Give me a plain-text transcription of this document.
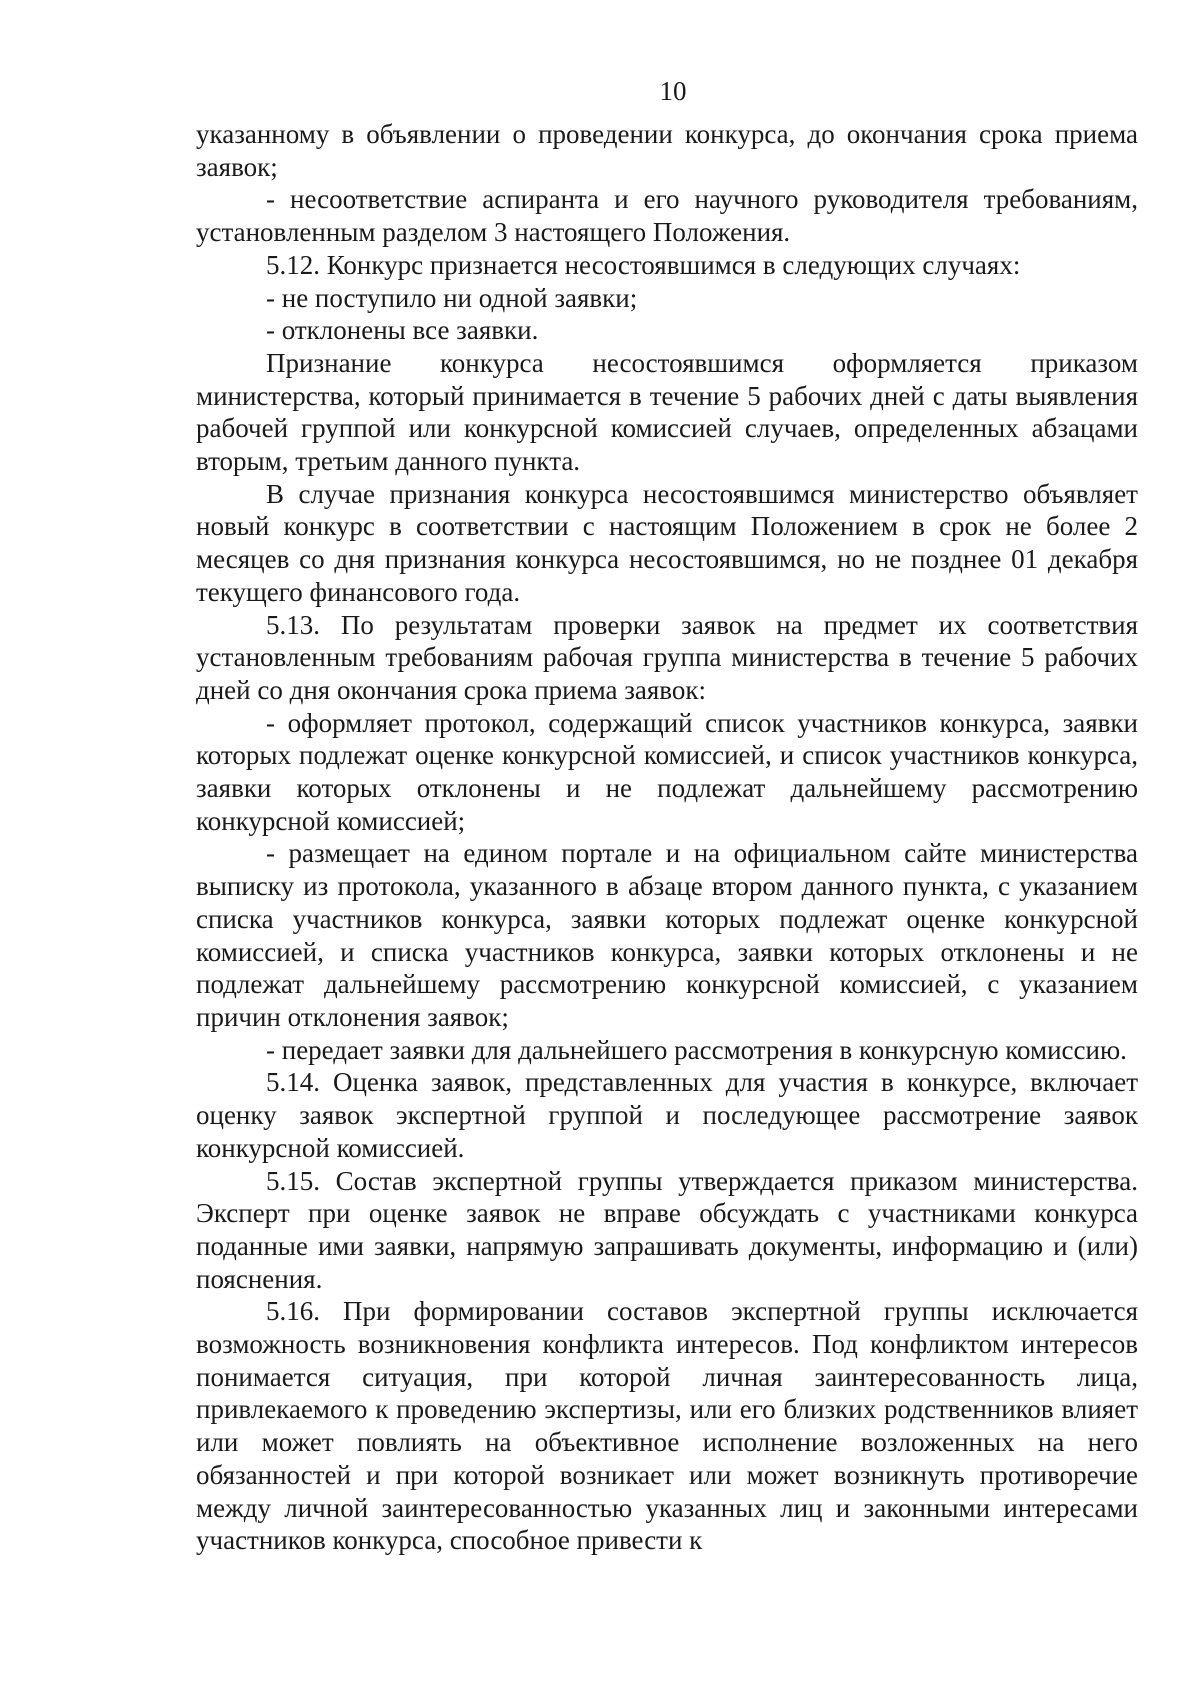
10

указанному в объявлении о проведении конкурса, до окончания срока приема заявок;

- несоответствие аспиранта и его научного руководителя требованиям, установленным разделом 3 настоящего Положения.

5.12. Конкурс признается несостоявшимся в следующих случаях:

- не поступило ни одной заявки;

- отклонены все заявки.

Признание конкурса несостоявшимся оформляется приказом министерства, который принимается в течение 5 рабочих дней с даты выявления рабочей группой или конкурсной комиссией случаев, определенных абзацами вторым, третьим данного пункта.

В случае признания конкурса несостоявшимся министерство объявляет новый конкурс в соответствии с настоящим Положением в срок не более 2 месяцев со дня признания конкурса несостоявшимся, но не позднее 01 декабря текущего финансового года.

5.13. По результатам проверки заявок на предмет их соответствия установленным требованиям рабочая группа министерства в течение 5 рабочих дней со дня окончания срока приема заявок:

- оформляет протокол, содержащий список участников конкурса, заявки которых подлежат оценке конкурсной комиссией, и список участников конкурса, заявки которых отклонены и не подлежат дальнейшему рассмотрению конкурсной комиссией;

- размещает на едином портале и на официальном сайте министерства выписку из протокола, указанного в абзаце втором данного пункта, с указанием списка участников конкурса, заявки которых подлежат оценке конкурсной комиссией, и списка участников конкурса, заявки которых отклонены и не подлежат дальнейшему рассмотрению конкурсной комиссией, с указанием причин отклонения заявок;

- передает заявки для дальнейшего рассмотрения в конкурсную комиссию.

5.14. Оценка заявок, представленных для участия в конкурсе, включает оценку заявок экспертной группой и последующее рассмотрение заявок конкурсной комиссией.

5.15. Состав экспертной группы утверждается приказом министерства. Эксперт при оценке заявок не вправе обсуждать с участниками конкурса поданные ими заявки, напрямую запрашивать документы, информацию и (или) пояснения.

5.16. При формировании составов экспертной группы исключается возможность возникновения конфликта интересов. Под конфликтом интересов понимается ситуация, при которой личная заинтересованность лица, привлекаемого к проведению экспертизы, или его близких родственников влияет или может повлиять на объективное исполнение возложенных на него обязанностей и при которой возникает или может возникнуть противоречие между личной заинтересованностью указанных лиц и законными интересами участников конкурса, способное привести к
